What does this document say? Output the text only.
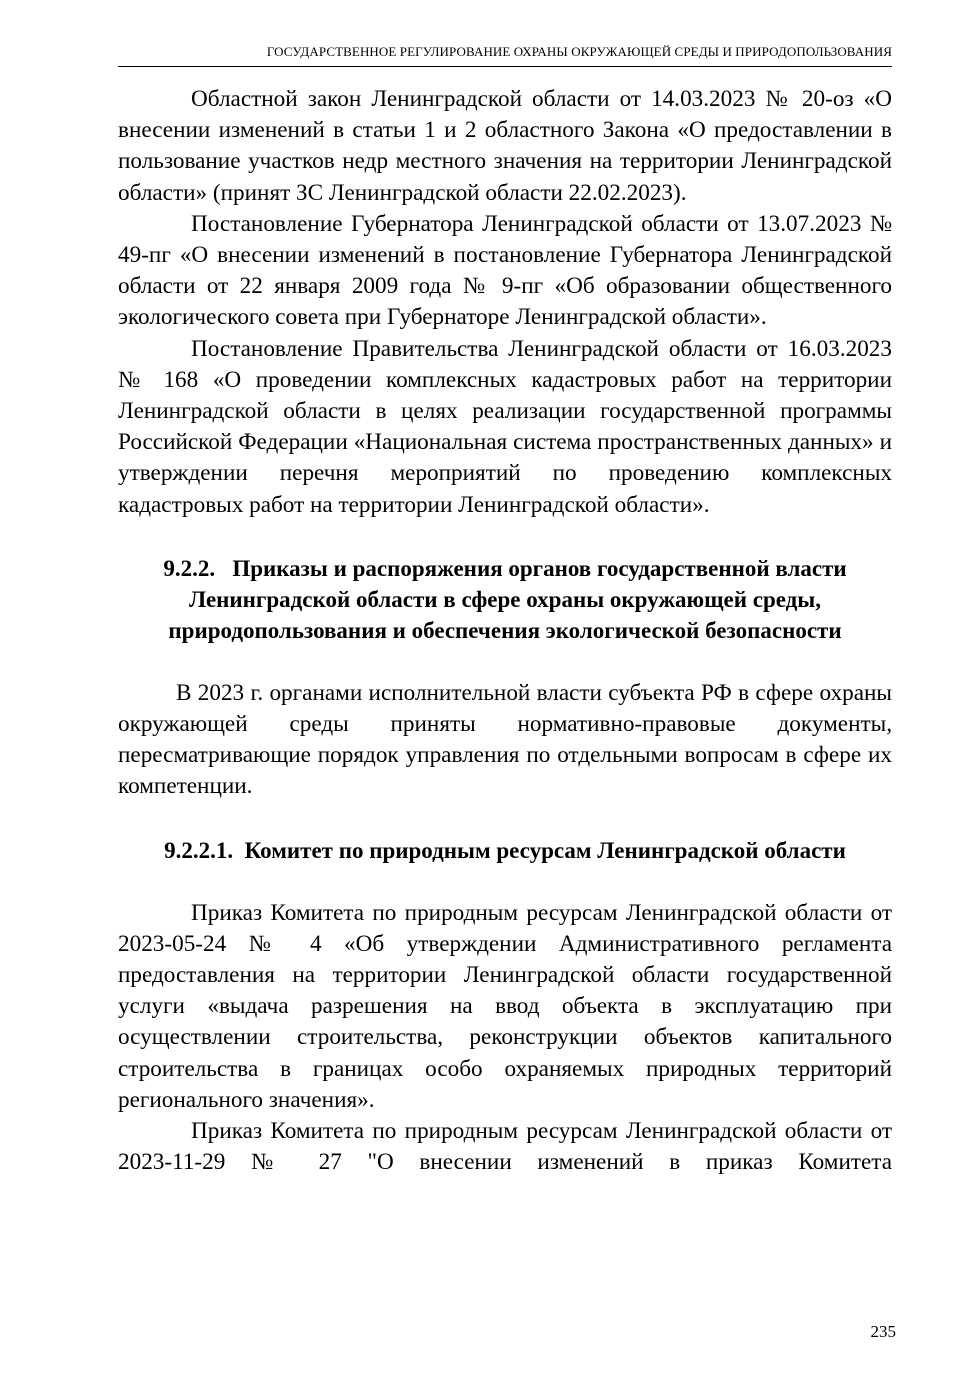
ГОСУДАРСТВЕННОЕ РЕГУЛИРОВАНИЕ ОХРАНЫ ОКРУЖАЮЩЕЙ СРЕДЫ И ПРИРОДОПОЛЬЗОВАНИЯ

Областной закон Ленинградской области от 14.03.2023 № 20-оз «О внесении изменений в статьи 1 и 2 областного Закона «О предоставлении в пользование участков недр местного значения на территории Ленинградской области» (принят ЗС Ленинградской области 22.02.2023).

Постановление Губернатора Ленинградской области от 13.07.2023 № 49-пг «О внесении изменений в постановление Губернатора Ленинградской области от 22 января 2009 года № 9-пг «Об образовании общественного экологического совета при Губернаторе Ленинградской области».

Постановление Правительства Ленинградской области от 16.03.2023 № 168 «О проведении комплексных кадастровых работ на территории Ленинградской области в целях реализации государственной программы Российской Федерации «Национальная система пространственных данных» и утверждении перечня мероприятий по проведению комплексных кадастровых работ на территории Ленинградской области».

9.2.2.   Приказы и распоряжения органов государственной власти
Ленинградской области в сфере охраны окружающей среды,
природопользования и обеспечения экологической безопасности

В 2023 г. органами исполнительной власти субъекта РФ в сфере охраны окружающей среды приняты нормативно-правовые документы, пересматривающие порядок управления по отдельными вопросам в сфере их компетенции.

9.2.2.1.  Комитет по природным ресурсам Ленинградской области

Приказ Комитета по природным ресурсам Ленинградской области от 2023-05-24 № 4 «Об утверждении Административного регламента предоставления на территории Ленинградской области государственной услуги «выдача разрешения на ввод объекта в эксплуатацию при осуществлении строительства, реконструкции объектов капитального строительства в границах особо охраняемых природных территорий регионального значения».

Приказ Комитета по природным ресурсам Ленинградской области от 2023-11-29 № 27 "О внесении изменений в приказ Комитета

235
